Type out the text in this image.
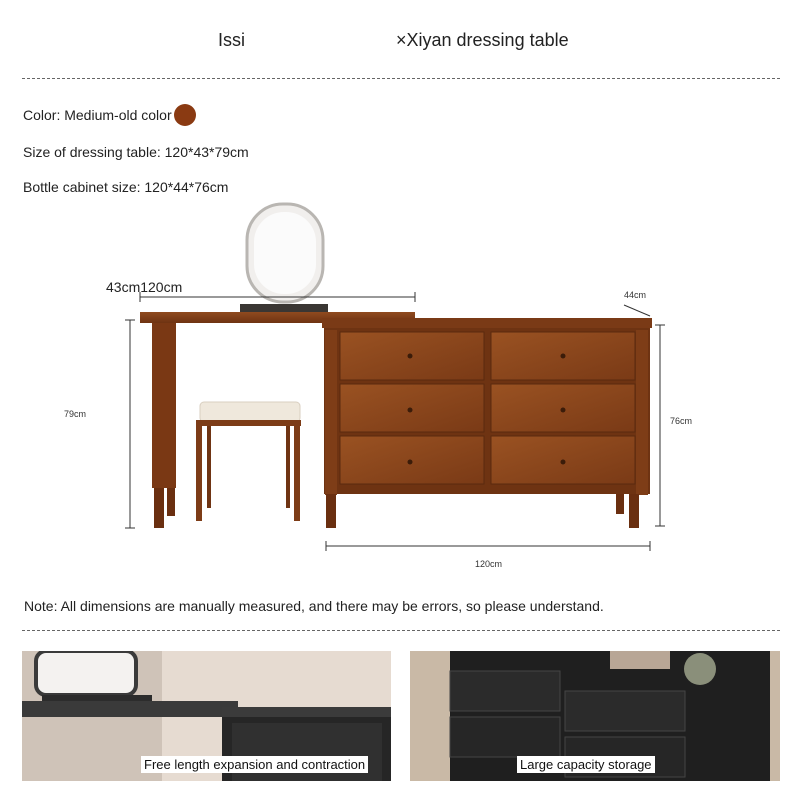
Issi	×Xiyan dressing table
Color: Medium-old color
Size of dressing table: 120*43*79cm
Bottle cabinet size: 120*44*76cm
43cm120cm	44cm
79cm
76cm
120cm
Note: All dimensions are manually measured, and there may be errors, so please understand.
Free length expansion and contraction	Large capacity storage
